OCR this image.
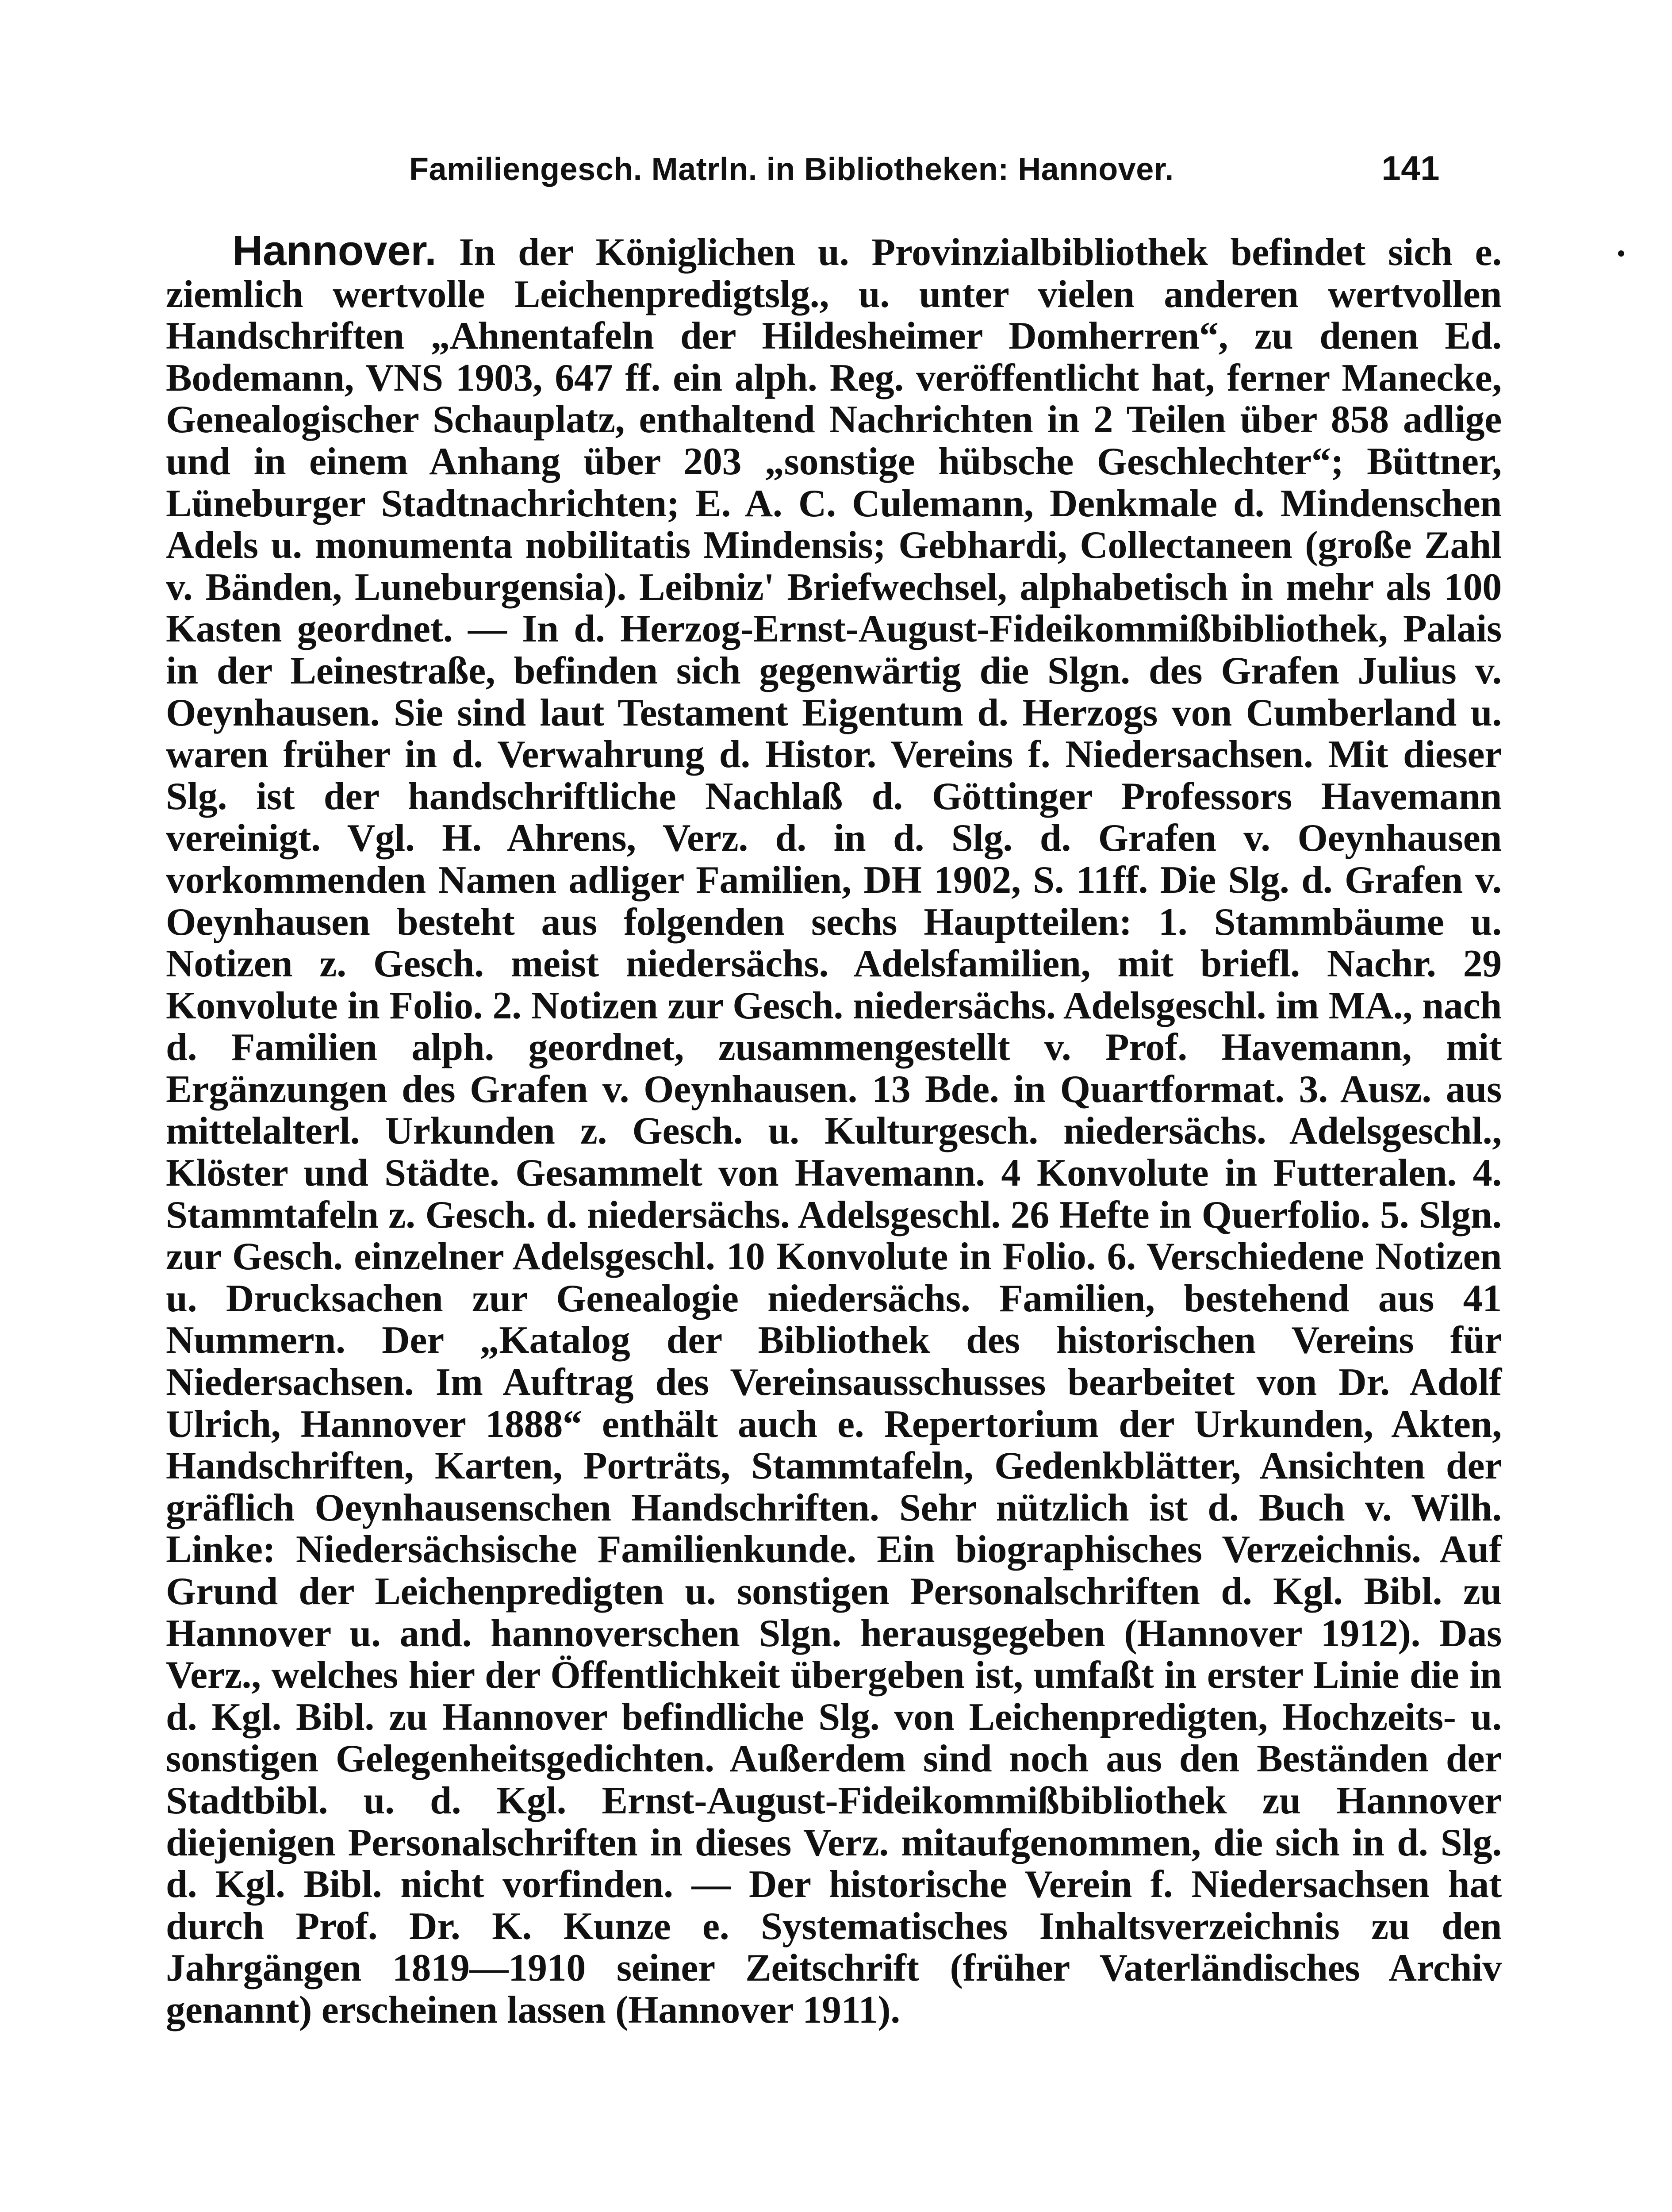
Familiengesch. Matrln. in Bibliotheken: Hannover.	141

Hannover. In der Königlichen u. Provinzialbibliothek befindet sich e. ziemlich wertvolle Leichenpredigtslg., u. unter vielen anderen wertvollen Handschriften „Ahnentafeln der Hildesheimer Domherren“, zu denen Ed. Bodemann, VNS 1903, 647 ff. ein alph. Reg. veröffentlicht hat, ferner Manecke, Genealogischer Schauplatz, enthaltend Nachrichten in 2 Teilen über 858 adlige und in einem Anhang über 203 „sonstige hübsche Geschlechter“; Büttner, Lüneburger Stadtnachrichten; E. A. C. Culemann, Denkmale d. Mindenschen Adels u. monumenta nobilitatis Mindensis; Gebhardi, Collectaneen (große Zahl v. Bänden, Luneburgensia). Leibniz' Briefwechsel, alphabetisch in mehr als 100 Kasten geordnet. — In d. Herzog-Ernst-August-Fideikommißbibliothek, Palais in der Leinestraße, befinden sich gegenwärtig die Slgn. des Grafen Julius v. Oeynhausen. Sie sind laut Testament Eigentum d. Herzogs von Cumberland u. waren früher in d. Verwahrung d. Histor. Vereins f. Niedersachsen. Mit dieser Slg. ist der handschriftliche Nachlaß d. Göttinger Professors Havemann vereinigt. Vgl. H. Ahrens, Verz. d. in d. Slg. d. Grafen v. Oeynhausen vorkommenden Namen adliger Familien, DH 1902, S. 11ff. Die Slg. d. Grafen v. Oeynhausen besteht aus folgenden sechs Hauptteilen: 1. Stammbäume u. Notizen z. Gesch. meist niedersächs. Adelsfamilien, mit briefl. Nachr. 29 Konvolute in Folio. 2. Notizen zur Gesch. niedersächs. Adelsgeschl. im MA., nach d. Familien alph. geordnet, zusammengestellt v. Prof. Havemann, mit Ergänzungen des Grafen v. Oeynhausen. 13 Bde. in Quartformat. 3. Ausz. aus mittelalterl. Urkunden z. Gesch. u. Kulturgesch. niedersächs. Adelsgeschl., Klöster und Städte. Gesammelt von Havemann. 4 Konvolute in Futteralen. 4. Stammtafeln z. Gesch. d. niedersächs. Adelsgeschl. 26 Hefte in Querfolio. 5. Slgn. zur Gesch. einzelner Adelsgeschl. 10 Konvolute in Folio. 6. Verschiedene Notizen u. Drucksachen zur Genealogie niedersächs. Familien, bestehend aus 41 Nummern. Der „Katalog der Bibliothek des historischen Vereins für Niedersachsen. Im Auftrag des Vereinsausschusses bearbeitet von Dr. Adolf Ulrich, Hannover 1888“ enthält auch e. Repertorium der Urkunden, Akten, Handschriften, Karten, Porträts, Stammtafeln, Gedenkblätter, Ansichten der gräflich Oeynhausenschen Handschriften. Sehr nützlich ist d. Buch v. Wilh. Linke: Niedersächsische Familienkunde. Ein biographisches Verzeichnis. Auf Grund der Leichenpredigten u. sonstigen Personalschriften d. Kgl. Bibl. zu Hannover u. and. hannoverschen Slgn. herausgegeben (Hannover 1912). Das Verz., welches hier der Öffentlichkeit übergeben ist, umfaßt in erster Linie die in d. Kgl. Bibl. zu Hannover befindliche Slg. von Leichenpredigten, Hochzeits- u. sonstigen Gelegenheitsgedichten. Außerdem sind noch aus den Beständen der Stadtbibl. u. d. Kgl. Ernst-August-Fideikommißbibliothek zu Hannover diejenigen Personalschriften in dieses Verz. mitaufgenommen, die sich in d. Slg. d. Kgl. Bibl. nicht vorfinden. — Der historische Verein f. Niedersachsen hat durch Prof. Dr. K. Kunze e. Systematisches Inhaltsverzeichnis zu den Jahrgängen 1819—1910 seiner Zeitschrift (früher Vaterländisches Archiv genannt) erscheinen lassen (Hannover 1911).
